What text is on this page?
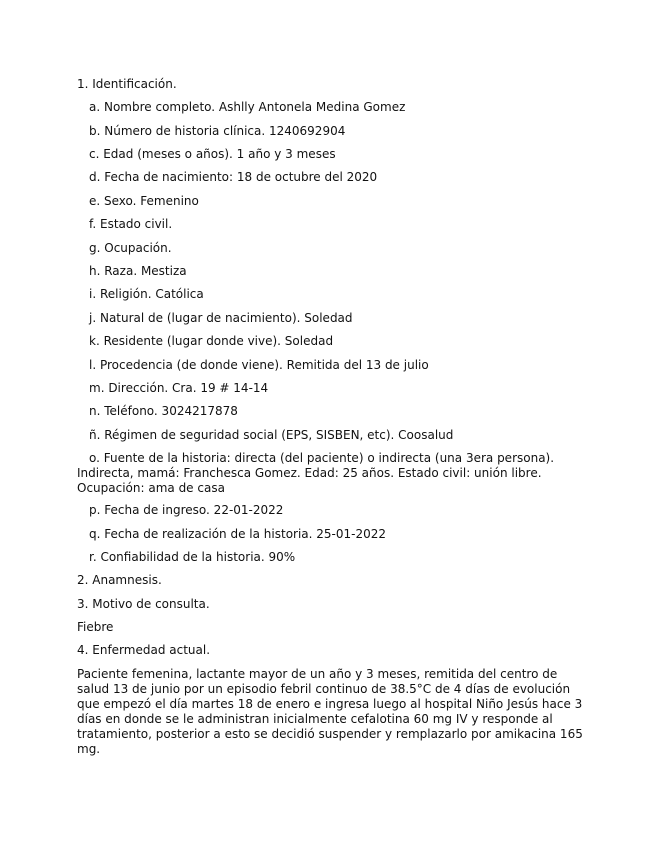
1. Identificación.

a. Nombre completo. Ashlly Antonela Medina Gomez

b. Número de historia clínica. 1240692904

c. Edad (meses o años). 1 año y 3 meses

d. Fecha de nacimiento: 18 de octubre del 2020

e. Sexo. Femenino

f. Estado civil.

g. Ocupación.

h. Raza. Mestiza

i. Religión. Católica

j. Natural de (lugar de nacimiento). Soledad

k. Residente (lugar donde vive). Soledad

l. Procedencia (de donde viene). Remitida del 13 de julio

m. Dirección. Cra. 19 # 14-14

n. Teléfono. 3024217878

ñ. Régimen de seguridad social (EPS, SISBEN, etc). Coosalud

o. Fuente de la historia: directa (del paciente) o indirecta (una 3era persona).

Indirecta, mamá: Franchesca Gomez. Edad: 25 años. Estado civil: unión libre.

Ocupación: ama de casa

p. Fecha de ingreso. 22-01-2022

q. Fecha de realización de la historia. 25-01-2022

r. Confiabilidad de la historia. 90%

2. Anamnesis.

3. Motivo de consulta.

Fiebre

4. Enfermedad actual.

Paciente femenina, lactante mayor de un año y 3 meses, remitida del centro de

salud 13 de junio por un episodio febril continuo de 38.5°C de 4 días de evolución

que empezó el día martes 18 de enero e ingresa luego al hospital Niño Jesús hace 3

días en donde se le administran inicialmente cefalotina 60 mg IV y responde al

tratamiento, posterior a esto se decidió suspender y remplazarlo por amikacina 165

mg.
